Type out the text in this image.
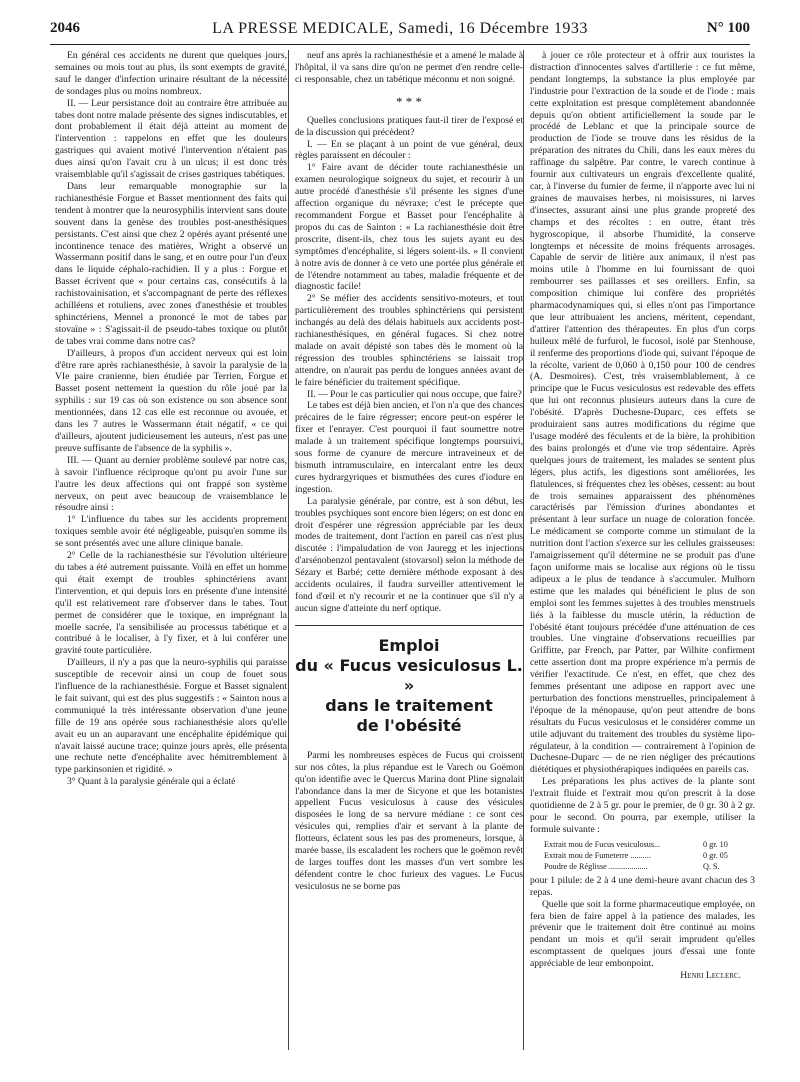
2046	LA PRESSE MEDICALE, Samedi, 16 Décembre 1933	N° 100

En général ces accidents ne durent que quelques jours, semaines ou mois tout au plus, ils sont exempts de gravité, sauf le danger d'infection urinaire résultant de la nécessité de sondages plus ou moins nombreux.

II. — Leur persistance doit au contraire être attribuée au tabes dont notre malade présente des signes indiscutables, et dont probablement il était déjà atteint au moment de l'intervention : rappelons en effet que les douleurs gastriques qui avaient motivé l'intervention n'étaient pas dues ainsi qu'on l'avait cru à un ulcus; il est donc très vraisemblable qu'il s'agissait de crises gastriques tabétiques.

Dans leur remarquable monographie sur la rachianesthésie Forgue et Basset mentionnent des faits qui tendent à montrer que la neurosyphilis intervient sans doute souvent dans la genèse des troubles post-anesthésiques persistants. C'est ainsi que chez 2 opérés ayant présenté une incontinence tenace des matières, Wright a observé un Wassermann positif dans le sang, et en outre pour l'un d'eux dans le liquide céphalo-rachidien. Il y a plus : Forgue et Basset écrivent que « pour certains cas, consécutifs à la rachistovainisation, et s'accompagnant de perte des réflexes achilléens et rotuliens, avec zones d'anesthésie et troubles sphinctériens, Mennel a prononcé le mot de tabes par stovaïne » : S'agissait-il de pseudo-tabes toxique ou plutôt de tabes vrai comme dans notre cas?

D'ailleurs, à propos d'un accident nerveux qui est loin d'être rare après rachianesthésie, à savoir la paralysie de la VIe paire cranienne, bien étudiée par Terrien, Forgue et Basset posent nettement la question du rôle joué par la syphilis : sur 19 cas où son existence ou son absence sont mentionnées, dans 12 cas elle est reconnue ou avouée, et dans les 7 autres le Wassermann était négatif, « ce qui d'ailleurs, ajoutent judicieusement les auteurs, n'est pas une preuve suffisante de l'absence de la syphilis ».

III. — Quant au dernier problème soulevé par notre cas, à savoir l'influence réciproque qu'ont pu avoir l'une sur l'autre les deux affections qui ont frappé son système nerveux, on peut avec beaucoup de vraisemblance le résoudre ainsi :

1° L'influence du tabes sur les accidents proprement toxiques semble avoir été négligeable, puisqu'en somme ils se sont présentés avec une allure clinique banale.

2° Celle de la rachianesthésie sur l'évolution ultérieure du tabes a été autrement puissante. Voilà en effet un homme qui était exempt de troubles sphinctériens avant l'intervention, et qui depuis lors en présente d'une intensité qu'il est relativement rare d'observer dans le tabes. Tout permet de considérer que le toxique, en imprégnant la moelle sacrée, l'a sensibilisée au processus tabétique et a contribué à le localiser, à l'y fixer, et à lui conférer une gravité toute particulière.

D'ailleurs, il n'y a pas que la neuro-syphilis qui paraisse susceptible de recevoir ainsi un coup de fouet sous l'influence de la rachianesthésie. Forgue et Basset signalent le fait suivant, qui est des plus suggestifs : « Sainton nous a communiqué la très intéressante observation d'une jeune fille de 19 ans opérée sous rachianesthésie alors qu'elle avait eu un an auparavant une encéphalite épidémique qui n'avait laissé aucune trace; quinze jours après, elle présenta une rechute nette d'encéphalite avec hémitremblement à type parkinsonien et rigidité. »

3° Quant à la paralysie générale qui a éclaté

neuf ans après la rachianesthésie et a amené le malade à l'hôpital, il va sans dire qu'on ne permet d'en rendre celle-ci responsable, chez un tabétique méconnu et non soigné.

* * *

Quelles conclusions pratiques faut-il tirer de l'exposé et de la discussion qui précèdent?

I. — En se plaçant à un point de vue général, deux règles paraissent en découler :

1° Faire avant de décider toute rachianesthésie un examen neurologique soigneux du sujet, et recourir à un autre procédé d'anesthésie s'il présente les signes d'une affection organique du névraxe; c'est le précepte que recommandent Forgue et Basset pour l'encéphalite à propos du cas de Sainton : « La rachianesthésie doit être proscrite, disent-ils, chez tous les sujets ayant eu des symptômes d'encéphalite, si légers soient-ils. » Il convient à notre avis de donner à ce veto une portée plus générale et de l'étendre notamment au tabes, maladie fréquente et de diagnostic facile!

2° Se méfier des accidents sensitivo-moteurs, et tout particulièrement des troubles sphinctériens qui persistent inchangés au delà des délais habituels aux accidents post-rachianesthésiques, en général fugaces. Si chez notre malade on avait dépisté son tabes dès le moment où la régression des troubles sphinctériens se laissait trop attendre, on n'aurait pas perdu de longues années avant de le faire bénéficier du traitement spécifique.

II. — Pour le cas particulier qui nous occupe, que faire?

Le tabes est déjà bien ancien, et l'on n'a que des chances précaires de le faire régresser; encore peut-on espérer le fixer et l'enrayer. C'est pourquoi il faut soumettre notre malade à un traitement spécifique longtemps poursuivi, sous forme de cyanure de mercure intraveineux et de bismuth intramusculaire, en intercalant entre les deux cures hydrargyriques et bismuthées des cures d'iodure en ingestion.

La paralysie générale, par contre, est à son début, les troubles psychiques sont encore bien légers; on est donc en droit d'espérer une régression appréciable par les deux modes de traitement, dont l'action en pareil cas n'est plus discutée : l'impaludation de von Jauregg et les injections d'arsénobenzol pentavalent (stovarsol) selon la méthode de Sézary et Barbé; cette dernière méthode exposant à des accidents oculaires, il faudra surveiller attentivement le fond d'œil et n'y recourir et ne la continuer que s'il n'y a aucun signe d'atteinte du nerf optique.

Emploi
du « Fucus vesiculosus L. »
dans le traitement
de l'obésité

Parmi les nombreuses espèces de Fucus qui croissent sur nos côtes, la plus répandue est le Varech ou Goëmon qu'on identifie avec le Quercus Marina dont Pline signalait l'abondance dans la mer de Sicyone et que les botanistes appellent Fucus vesiculosus à cause des vésicules disposées le long de sa nervure médiane : ce sont ces vésicules qui, remplies d'air et servant à la plante de flotteurs, éclatent sous les pas des promeneurs, lorsque, à marée basse, ils escaladent les rochers que le goëmon revêt de larges touffes dont les masses d'un vert sombre les défendent contre le choc furieux des vagues. Le Fucus vesiculosus ne se borne pas

à jouer ce rôle protecteur et à offrir aux touristes la distraction d'innocentes salves d'artillerie : ce fut même, pendant longtemps, la substance la plus employée par l'industrie pour l'extraction de la soude et de l'iode : mais cette exploitation est presque complètement abandonnée depuis qu'on obtient artificiellement la soude par le procédé de Leblanc et que la principale source de production de l'iode se trouve dans les résidus de la préparation des nitrates du Chili, dans les eaux mères du raffinage du salpêtre. Par contre, le varech continue à fournir aux cultivateurs un engrais d'excellente qualité, car, à l'inverse du fumier de ferme, il n'apporte avec lui ni graines de mauvaises herbes, ni moisissures, ni larves d'insectes, assurant ainsi une plus grande propreté des champs et des récoltes : en outre, étant très hygroscopique, il absorbe l'humidité, la conserve longtemps et nécessite de moins fréquents arrosages. Capable de servir de litière aux animaux, il n'est pas moins utile à l'homme en lui fournissant de quoi rembourrer ses paillasses et ses oreillers. Enfin, sa composition chimique lui confère des propriétés pharmacodynamiques qui, si elles n'ont pas l'importance que leur attribuaient les anciens, méritent, cependant, d'attirer l'attention des thérapeutes. En plus d'un corps huileux mêlé de furfurol, le fucosol, isolé par Stenhouse, il renferme des proportions d'iode qui, suivant l'époque de la récolte, varient de 0,060 à 0,150 pour 100 de cendres (A. Desmoires). C'est, très vraisemblablement, à ce principe que le Fucus vesiculosus est redevable des effets que lui ont reconnus plusieurs auteurs dans la cure de l'obésité. D'après Duchesne-Duparc, ces effets se produiraient sans autres modifications du régime que l'usage modéré des féculents et de la bière, la prohibition des bains prolongés et d'une vie trop sédentaire. Après quelques jours de traitement, les malades se sentent plus légers, plus actifs, les digestions sont améliorées, les flatulences, si fréquentes chez les obèses, cessent: au bout de trois semaines apparaissent des phénomènes caractérisés par l'émission d'urines abondantes et présentant à leur surface un nuage de coloration foncée. Le médicament se comporte comme un stimulant de la nutrition dont l'action s'exerce sur les cellules graisseuses: l'amaigrissement qu'il détermine ne se produit pas d'une façon uniforme mais se localise aux régions où le tissu adipeux a le plus de tendance à s'accumuler. Mulhorn estime que les malades qui bénéficient le plus de son emploi sont les femmes sujettes à des troubles menstruels liés à la faiblesse du muscle utérin, la réduction de l'obésité étant toujours précédée d'une atténuation de ces troubles. Une vingtaine d'observations recueillies par Griffitte, par French, par Patter, par Wilhite confirment cette assertion dont ma propre expérience m'a permis de vérifier l'exactitude. Ce n'est, en effet, que chez des femmes présentant une adipose en rapport avec une perturbation des fonctions menstruelles, principalement à l'époque de la ménopause, qu'on peut attendre de bons résultats du Fucus vesiculosus et le considérer comme un utile adjuvant du traitement des troubles du système lipo-régulateur, à la condition — contrairement à l'opinion de Duchesne-Duparc — de ne rien négliger des précautions diététiques et physiothérapiques indiquées en pareils cas.

Les préparations les plus actives de la plante sont l'extrait fluide et l'extrait mou qu'on prescrit à la dose quotidienne de 2 à 5 gr. pour le premier, de 0 gr. 30 à 2 gr. pour le second. On pourra, par exemple, utiliser la formule suivante :

Extrait mou de Fucus vesiculosus...	0 gr. 10
Extrait mou de Fumeterre ..........	0 gr. 05
Poudre de Réglisse ...................	Q. S.

pour 1 pilule: de 2 à 4 une demi-heure avant chacun des 3 repas.

Quelle que soit la forme pharmaceutique employée, on fera bien de faire appel à la patience des malades, les prévenir que le traitement doit être continué au moins pendant un mois et qu'il serait imprudent qu'elles escomptassent de quelques jours d'essai une fonte appréciable de leur embonpoint.

Henri Leclerc.
